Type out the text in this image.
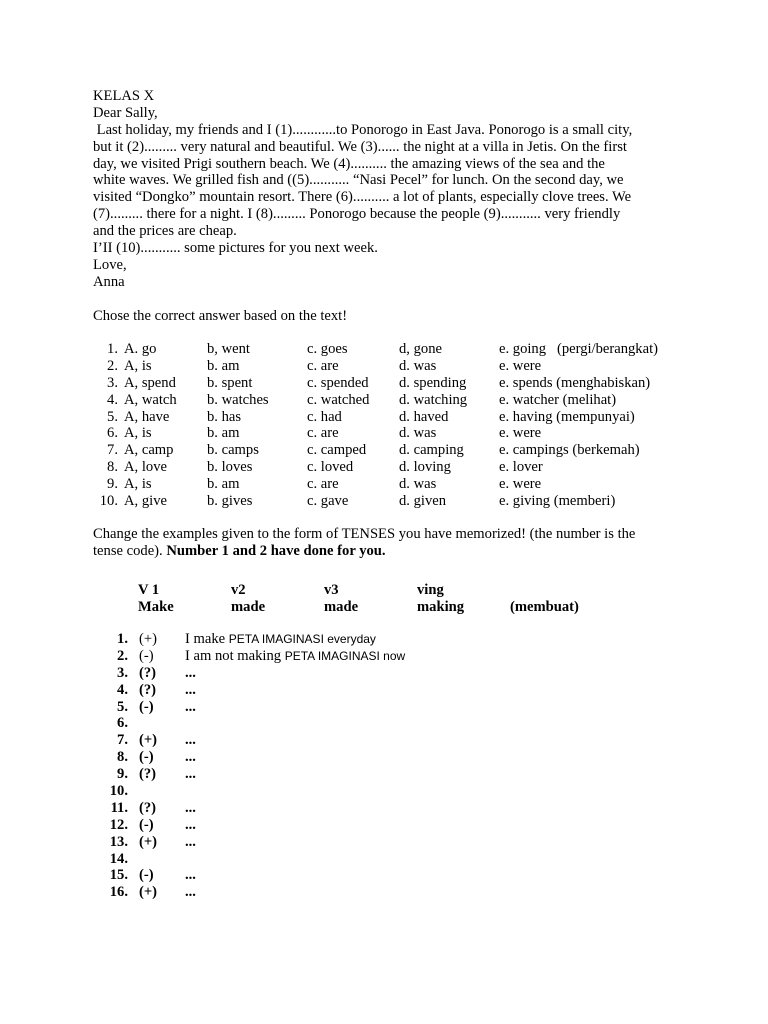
KELAS X
Dear Sally,
Last holiday, my friends and I (1)............to Ponorogo in East Java. Ponorogo is a small city,
but it (2)......... very natural and beautiful. We (3)...... the night at a villa in Jetis. On the first
day, we visited Prigi southern beach. We (4).......... the amazing views of the sea and the
white waves. We grilled fish and ((5)........... “Nasi Pecel” for lunch. On the second day, we
visited “Dongko” mountain resort. There (6).......... a lot of plants, especially clove trees. We
(7)......... there for a night. I (8)......... Ponorogo because the people (9)........... very friendly
and the prices are cheap.
I’II (10)........... some pictures for you next week.
Love,
Anna
Chose the correct answer based on the text!
1. A. go	b, went	c. goes	d, gone	e. going   (pergi/berangkat)
2. A, is	b. am	c. are	d. was	e. were
3. A, spend b. spent	c. spended d. spending e. spends (menghabiskan)
4. A, watch b. watches	c. watched d. watching e. watcher (melihat)
5. A, have	b. has	c. had	d. haved	e. having (mempunyai)
6. A, is	b. am	c. are	d. was	e. were
7. A, camp b. camps	c. camped d. camping e. campings (berkemah)
8. A, love	b. loves	c. loved	d. loving	e. lover
9. A, is	b. am	c. are	d. was	e. were
10. A, give	b. gives	c. gave	d. given	e. giving (memberi)
Change the examples given to the form of TENSES you have memorized! (the number is the
tense code). Number 1 and 2 have done for you.
V 1	v2	v3	ving
Make	made	made	making	(membuat)
1. (+) I make PETA IMAGINASI everyday
2. (-) I am not making PETA IMAGINASI now
3. (?) ...
4. (?) ...
5. (-) ...
6.
7. (+) ...
8. (-) ...
9. (?) ...
10.
11. (?) ...
12. (-) ...
13. (+) ...
14.
15. (-) ...
16. (+) ...
